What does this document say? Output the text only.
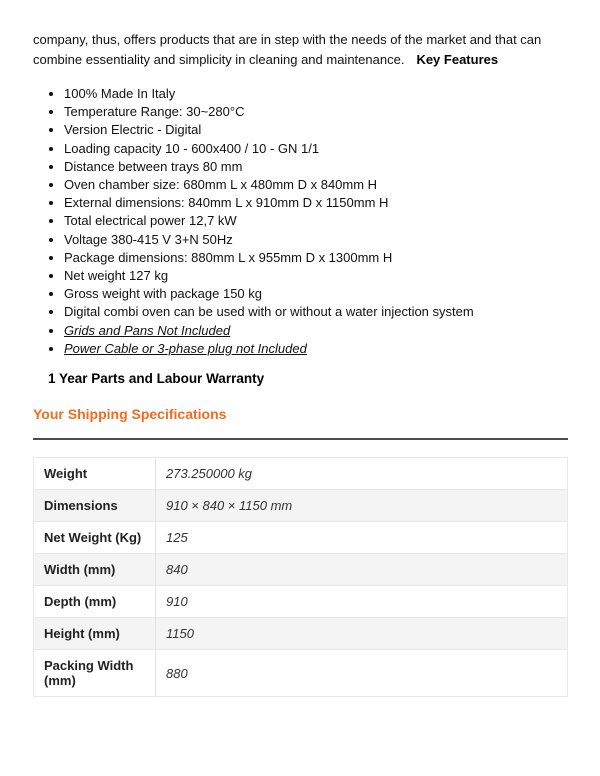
company, thus, offers products that are in step with the needs of the market and that can combine essentiality and simplicity in cleaning and maintenance. Key Features

• 100% Made In Italy
• Temperature Range: 30~280°C
• Version Electric - Digital
• Loading capacity 10 - 600x400 / 10 - GN 1/1
• Distance between trays 80 mm
• Oven chamber size: 680mm L x 480mm D x 840mm H
• External dimensions: 840mm L x 910mm D x 1150mm H
• Total electrical power 12,7 kW
• Voltage 380-415 V 3+N 50Hz
• Package dimensions: 880mm L x 955mm D x 1300mm H
• Net weight 127 kg
• Gross weight with package 150 kg
• Digital combi oven can be used with or without a water injection system
• Grids and Pans Not Included
• Power Cable or 3-phase plug not Included

1 Year Parts and Labour Warranty

Your Shipping Specifications
Weight	273.250000 kg
Dimensions	910 × 840 × 1150 mm
Net Weight (Kg)	125
Width (mm)	840
Depth (mm)	910
Height (mm)	1150
Packing Width (mm)	880
